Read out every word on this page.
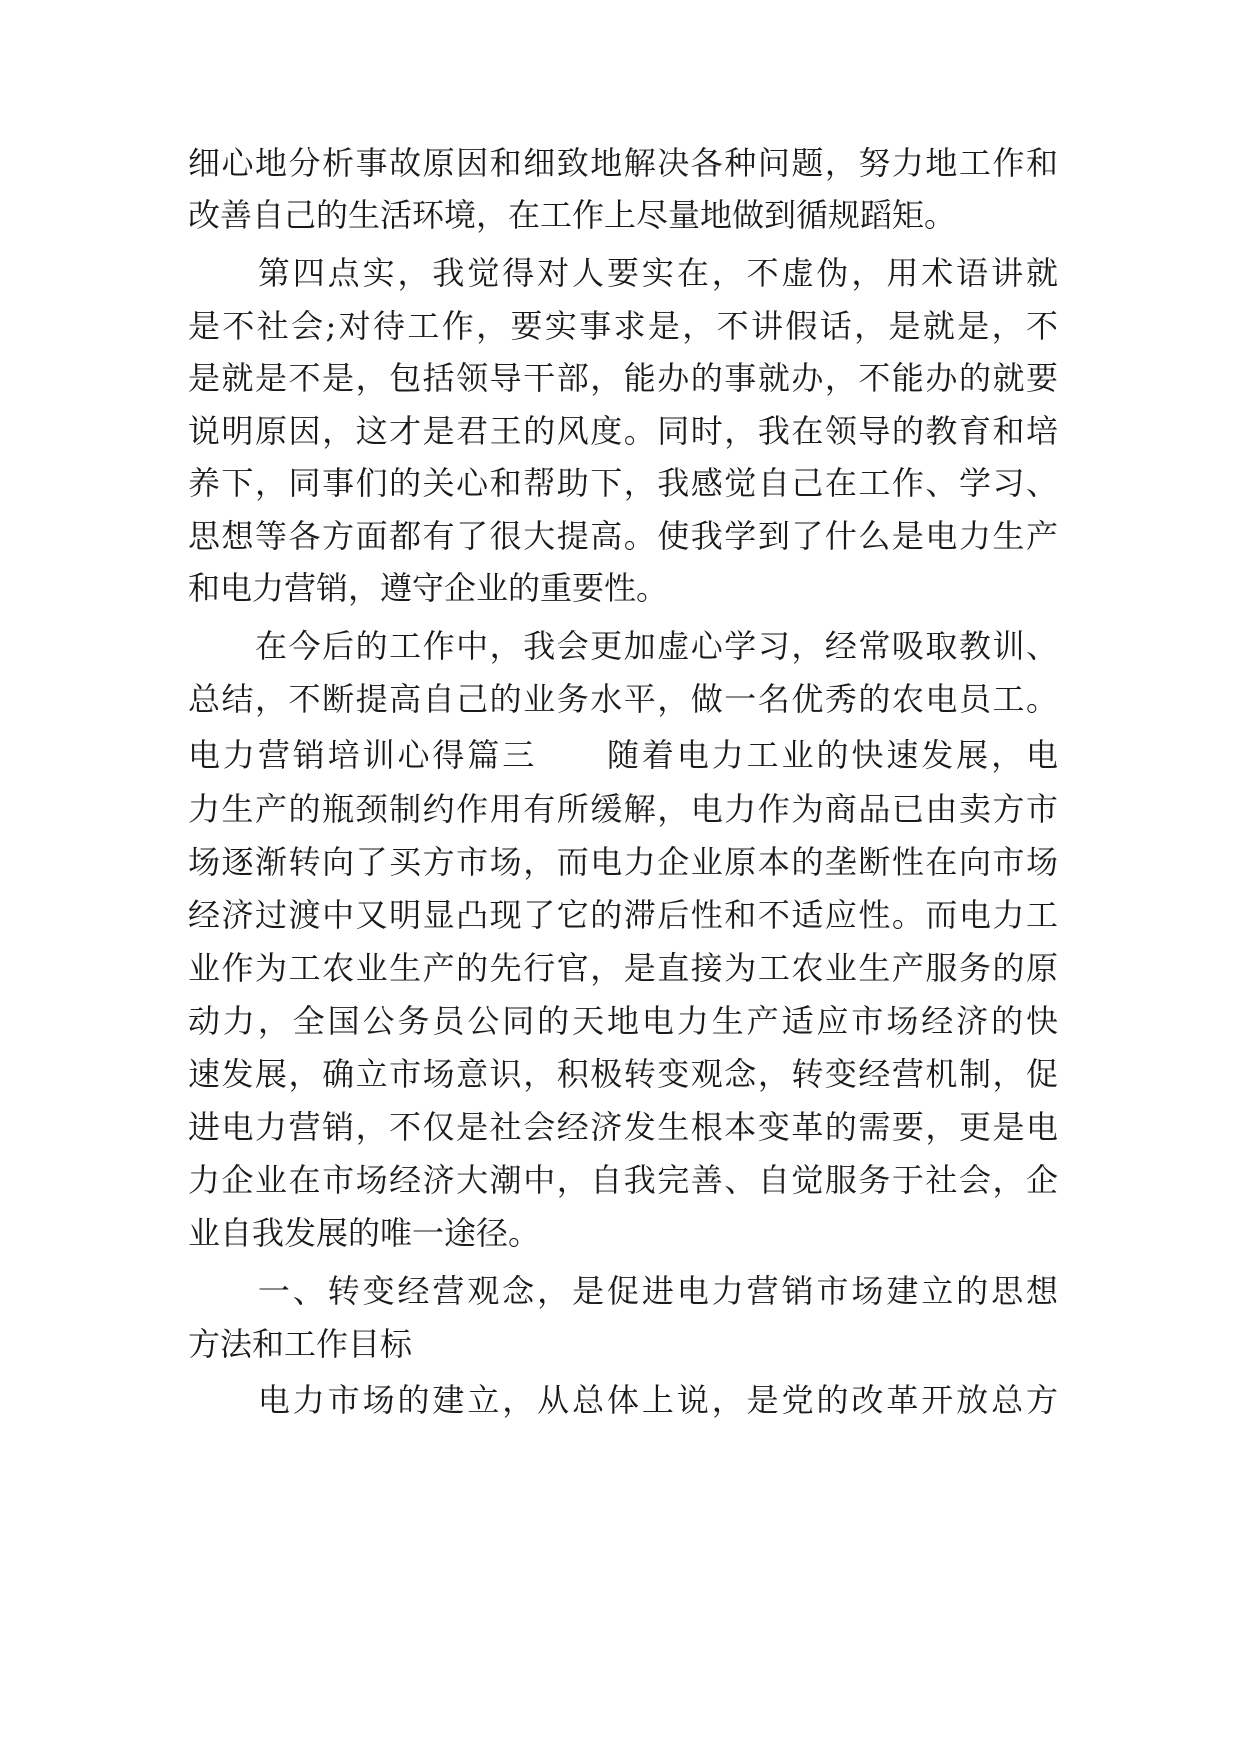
细心地分析事故原因和细致地解决各种问题，努力地工作和
改善自己的生活环境，在工作上尽量地做到循规蹈矩。
　　第四点实，我觉得对人要实在，不虚伪，用术语讲就
是不社会;对待工作，要实事求是，不讲假话，是就是，不
是就是不是，包括领导干部，能办的事就办，不能办的就要
说明原因，这才是君王的风度。同时，我在领导的教育和培
养下，同事们的关心和帮助下，我感觉自己在工作、学习、
思想等各方面都有了很大提高。使我学到了什么是电力生产
和电力营销，遵守企业的重要性。
　　在今后的工作中，我会更加虚心学习，经常吸取教训、
总结，不断提高自己的业务水平，做一名优秀的农电员工。
电力营销培训心得篇三　　随着电力工业的快速发展，电
力生产的瓶颈制约作用有所缓解，电力作为商品已由卖方市
场逐渐转向了买方市场，而电力企业原本的垄断性在向市场
经济过渡中又明显凸现了它的滞后性和不适应性。而电力工
业作为工农业生产的先行官，是直接为工农业生产服务的原
动力，全国公务员公同的天地电力生产适应市场经济的快
速发展，确立市场意识，积极转变观念，转变经营机制，促
进电力营销，不仅是社会经济发生根本变革的需要，更是电
力企业在市场经济大潮中，自我完善、自觉服务于社会，企
业自我发展的唯一途径。
　　一、转变经营观念，是促进电力营销市场建立的思想
方法和工作目标
　　电力市场的建立，从总体上说，是党的改革开放总方
